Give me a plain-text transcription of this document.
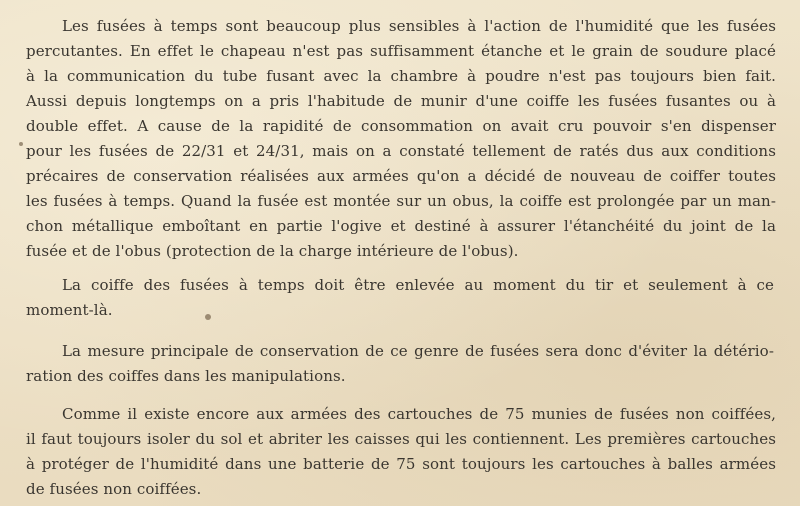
Les fusées à temps sont beaucoup plus sensibles à l'action de l'humidité que les fusées
percutantes. En effet le chapeau n'est pas suffisamment étanche et le grain de soudure placé
à la communication du tube fusant avec la chambre à poudre n'est pas toujours bien fait.
Aussi depuis longtemps on a pris l'habitude de munir d'une coiffe les fusées fusantes ou à
double effet. A cause de la rapidité de consommation on avait cru pouvoir s'en dispenser
pour les fusées de 22/31 et 24/31, mais on a constaté tellement de ratés dus aux conditions
précaires de conservation réalisées aux armées qu'on a décidé de nouveau de coiffer toutes
les fusées à temps. Quand la fusée est montée sur un obus, la coiffe est prolongée par un man-
chon métallique emboîtant en partie l'ogive et destiné à assurer l'étanchéité du joint de la
fusée et de l'obus (protection de la charge intérieure de l'obus).
La coiffe des fusées à temps doit être enlevée au moment du tir et seulement à ce
moment-là.
La mesure principale de conservation de ce genre de fusées sera donc d'éviter la détério-
ration des coiffes dans les manipulations.
Comme il existe encore aux armées des cartouches de 75 munies de fusées non coiffées,
il faut toujours isoler du sol et abriter les caisses qui les contiennent. Les premières cartouches
à protéger de l'humidité dans une batterie de 75 sont toujours les cartouches à balles armées
de fusées non coiffées.
